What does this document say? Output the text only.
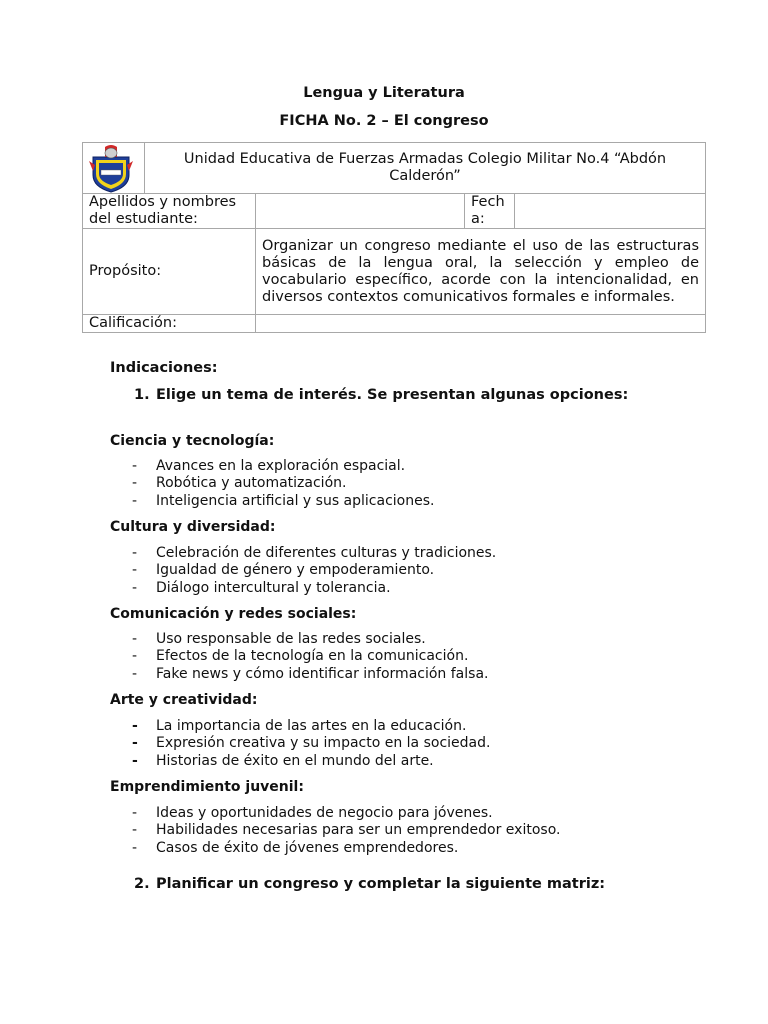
Lengua y Literatura
FICHA No. 2 – El congreso
	Unidad Educativa de Fuerzas Armadas Colegio Militar No.4 “Abdón Calderón”			
Apellidos y nombres del estudiante:			Fech a:	
Propósito:		Organizar un congreso mediante el uso de las estructuras básicas de la lengua oral, la selección y empleo de vocabulario específico, acorde con la intencionalidad, en diversos contextos comunicativos formales e informales.		
Calificación:				
Indicaciones:
1. Elige un tema de interés. Se presentan algunas opciones:
Ciencia y tecnología:
- Avances en la exploración espacial.
- Robótica y automatización.
- Inteligencia artificial y sus aplicaciones.
Cultura y diversidad:
- Celebración de diferentes culturas y tradiciones.
- Igualdad de género y empoderamiento.
- Diálogo intercultural y tolerancia.
Comunicación y redes sociales:
- Uso responsable de las redes sociales.
- Efectos de la tecnología en la comunicación.
- Fake news y cómo identificar información falsa.
Arte y creatividad:
- La importancia de las artes en la educación.
- Expresión creativa y su impacto en la sociedad.
- Historias de éxito en el mundo del arte.
Emprendimiento juvenil:
- Ideas y oportunidades de negocio para jóvenes.
- Habilidades necesarias para ser un emprendedor exitoso.
- Casos de éxito de jóvenes emprendedores.
2. Planificar un congreso y completar la siguiente matriz:
